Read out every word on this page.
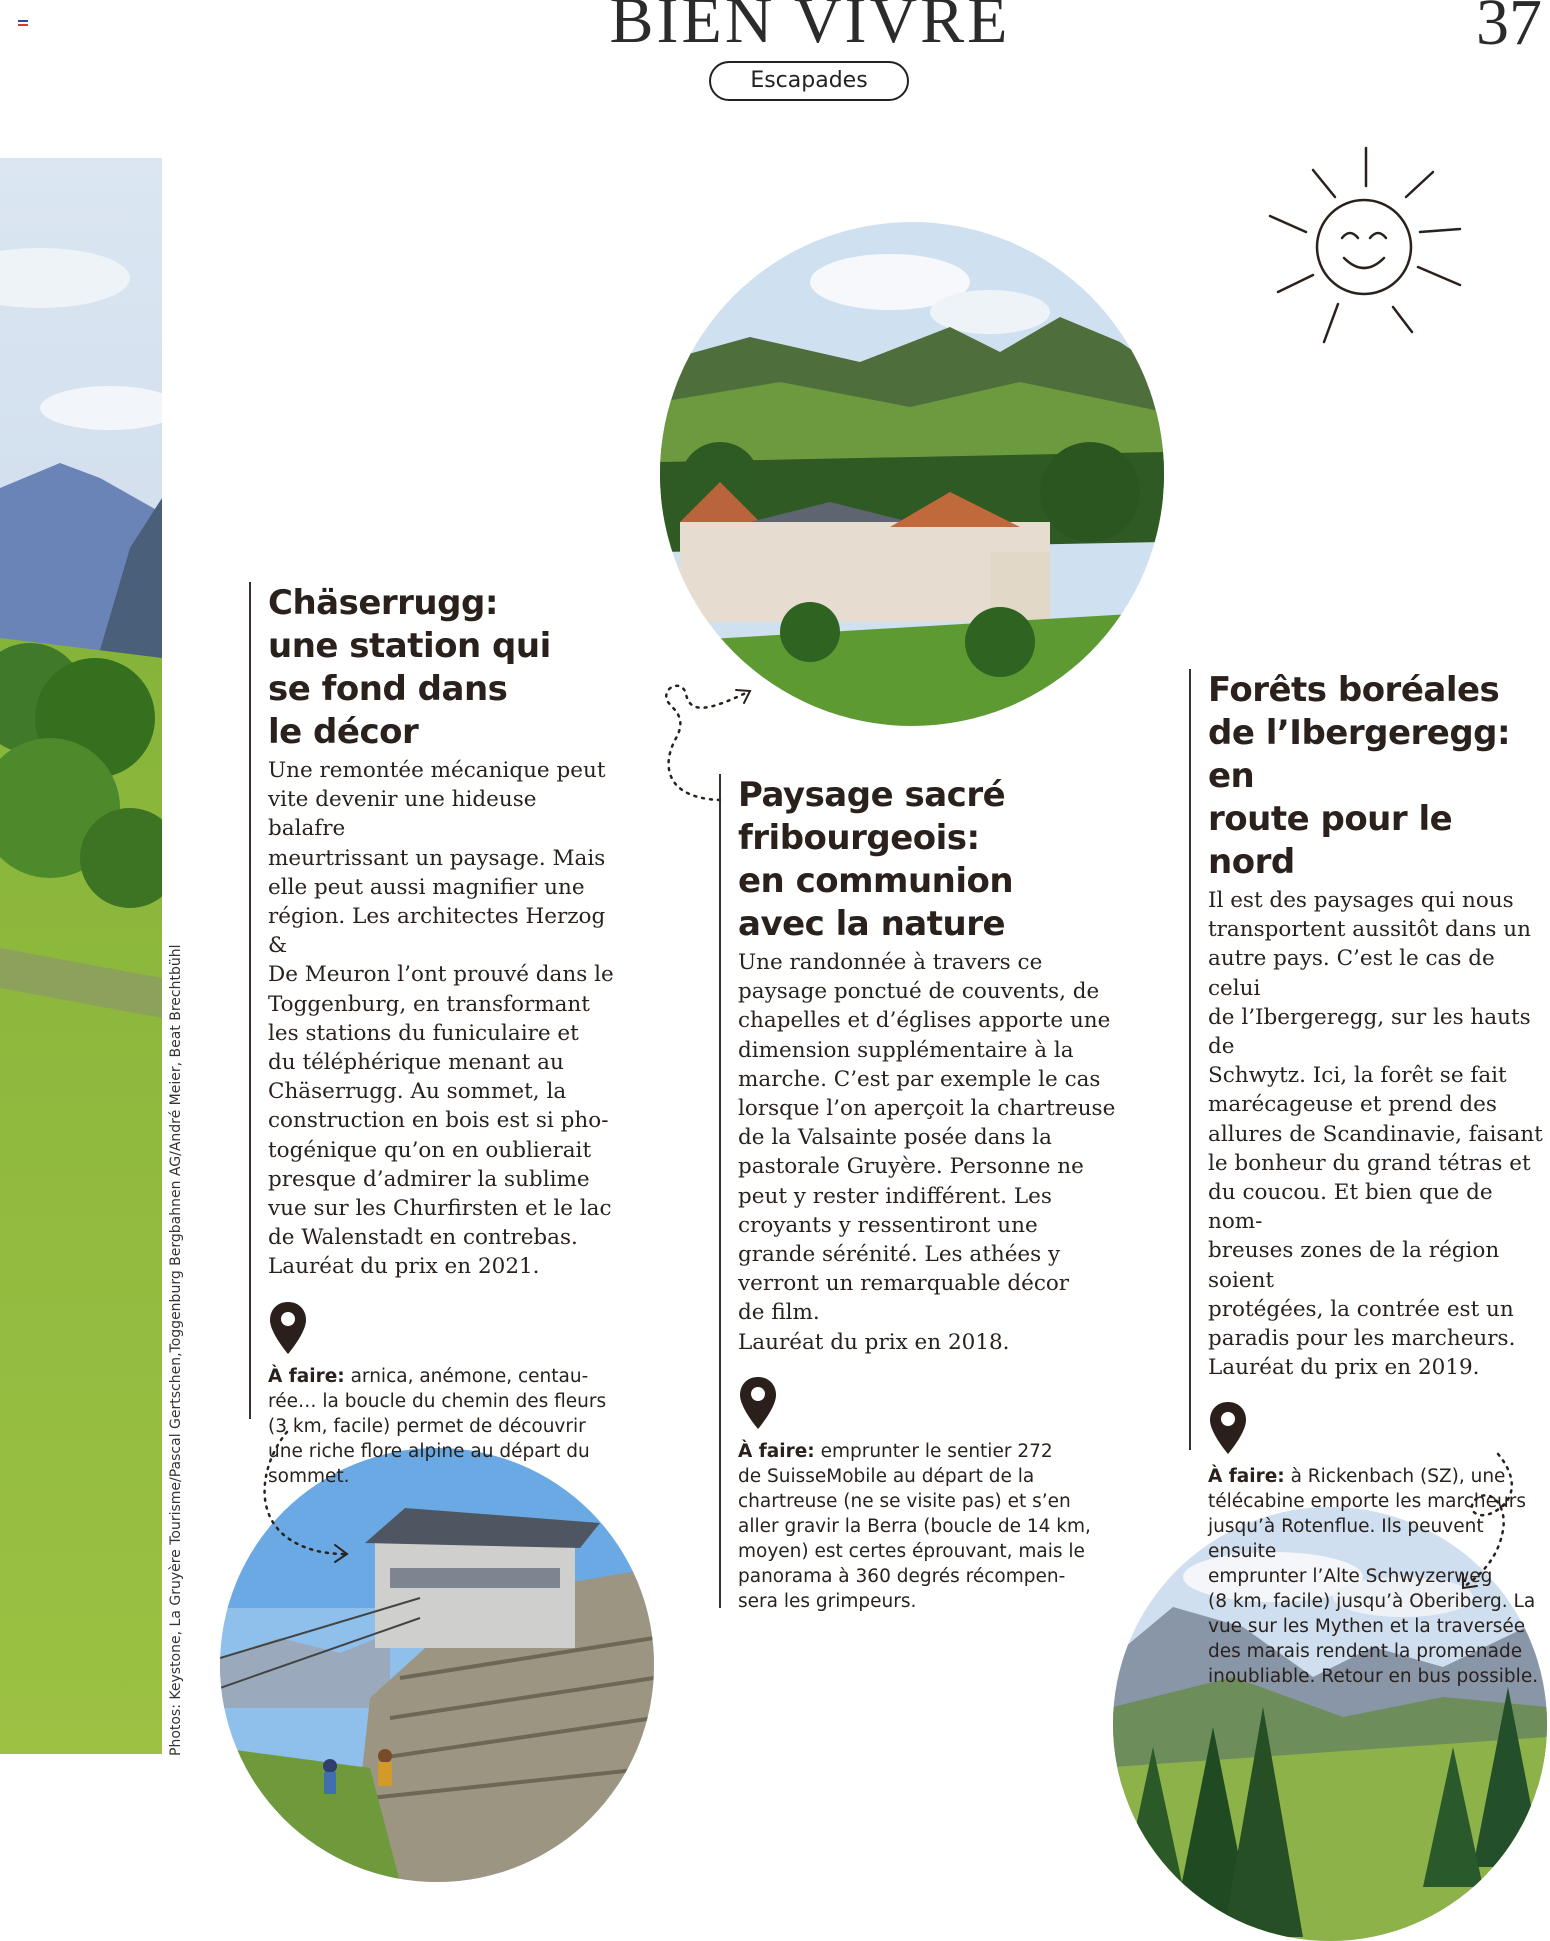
BIEN VIVRE	37
Escapades
Photos: Keystone, La Gruyère Tourisme/Pascal Gertschen,Toggenburg Bergbahnen AG/André Meier, Beat Brechtbühl
Chäserrugg:
une station qui
se fond dans
le décor
Une remontée mécanique peut
vite devenir une hideuse balafre
meurtrissant un paysage. Mais
elle peut aussi magnifier une
région. Les architectes Herzog &
De Meuron l’ont prouvé dans le
Toggenburg, en transformant
les stations du funiculaire et
du téléphérique menant au
Chäserrugg. Au sommet, la
construction en bois est si pho-
togénique qu’on en oublierait
presque d’admirer la sublime
vue sur les Churfirsten et le lac
de Walenstadt en contrebas.
Lauréat du prix en 2021.
À faire: arnica, anémone, centau-
rée… la boucle du chemin des fleurs
(3 km, facile) permet de découvrir
une riche flore alpine au départ du
sommet.
Paysage sacré
fribourgeois:
en communion
avec la nature
Une randonnée à travers ce
paysage ponctué de couvents, de
chapelles et d’églises apporte une
dimension supplémentaire à la
marche. C’est par exemple le cas
lorsque l’on aperçoit la chartreuse
de la Valsainte posée dans la
pastorale Gruyère. Personne ne
peut y rester indifférent. Les
croyants y ressentiront une
grande sérénité. Les athées y
verront un remarquable décor
de film.
Lauréat du prix en 2018.
À faire: emprunter le sentier 272
de SuisseMobile au départ de la
chartreuse (ne se visite pas) et s’en
aller gravir la Berra (boucle de 14 km,
moyen) est certes éprouvant, mais le
panorama à 360 degrés récompen-
sera les grimpeurs.
Forêts boréales
de l’Ibergeregg: en
route pour le nord
Il est des paysages qui nous
transportent aussitôt dans un
autre pays. C’est le cas de celui
de l’Ibergeregg, sur les hauts de
Schwytz. Ici, la forêt se fait
marécageuse et prend des
allures de Scandinavie, faisant
le bonheur du grand tétras et
du coucou. Et bien que de nom-
breuses zones de la région soient
protégées, la contrée est un
paradis pour les marcheurs.
Lauréat du prix en 2019.
À faire: à Rickenbach (SZ), une
télécabine emporte les marcheurs
jusqu’à Rotenflue. Ils peuvent ensuite
emprunter l’Alte Schwyzerweg
(8 km, facile) jusqu’à Oberiberg. La
vue sur les Mythen et la traversée
des marais rendent la promenade
inoubliable. Retour en bus possible.
